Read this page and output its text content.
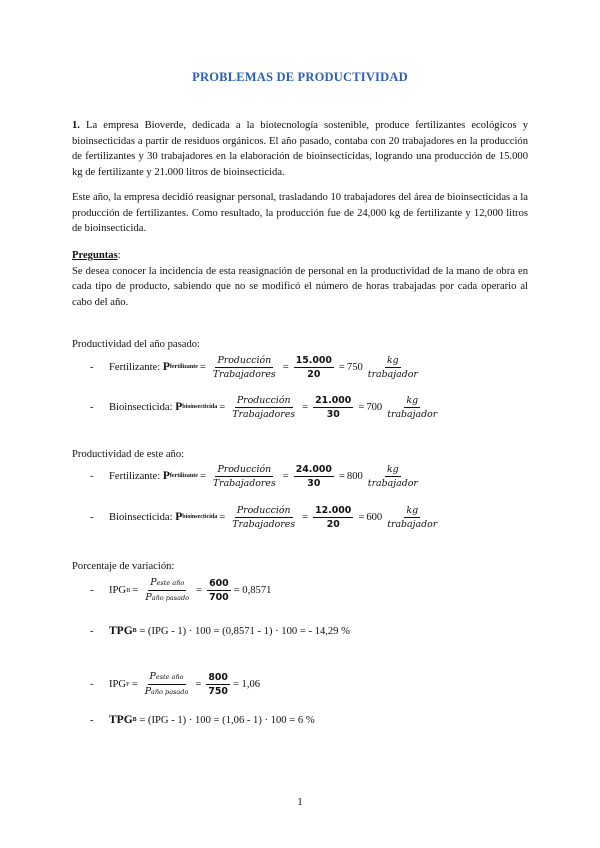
PROBLEMAS DE PRODUCTIVIDAD
1. La empresa Bioverde, dedicada a la biotecnología sostenible, produce fertilizantes ecológicos y bioinsecticidas a partir de residuos orgánicos. El año pasado, contaba con 20 trabajadores en la producción de fertilizantes y 30 trabajadores en la elaboración de bioinsecticidas, logrando una producción de 15.000 kg de fertilizante y 21.000 litros de bioinsecticida.
Este año, la empresa decidió reasignar personal, trasladando 10 trabajadores del área de bioinsecticidas a la producción de fertilizantes. Como resultado, la producción fue de 24,000 kg de fertilizante y 12,000 litros de bioinsecticida.
Preguntas:
Se desea conocer la incidencia de esta reasignación de personal en la productividad de la mano de obra en cada tipo de producto, sabiendo que no se modificó el número de horas trabajadas por cada operario al cabo del año.
Productividad del año pasado:
-	Fertilizante:
P fertilizante = $\frac{\text{Producción}}{\text{Trabajadores}} = \frac{15.000}{20} = 750 \frac{kg}{\text{trabajador}}$
-	Bioinsecticida:
P bioinsecticida = $\frac{\text{Producción}}{\text{Trabajadores}} = \frac{21.000}{30} = 700 \frac{kg}{\text{trabajador}}$
Productividad de este año:
-	Fertilizante:
P fertilizante = $\frac{\text{Producción}}{\text{Trabajadores}} = \frac{24.000}{30} = 800 \frac{kg}{\text{trabajador}}$
-	Bioinsecticida:
P bioinsecticida = $\frac{\text{Producción}}{\text{Trabajadores}} = \frac{12.000}{20} = 600 \frac{kg}{\text{trabajador}}$
Porcentaje de variación:
-	IPG $B = \frac{\text{Peste año}}{\text{Paño pasado}} = \frac{600}{700} = 0,8571$
-	TPG B
= (IPG - 1) · 100 = (0,8571 - 1) · 100 = - 14,29 %
-	IPG $F = \frac{\text{Peste año}}{\text{Paño pasado}} = \frac{800}{750} = 1,06$
-	TPG B
= (IPG - 1) · 100 = (1,06 - 1) · 100 = 6 %
1
